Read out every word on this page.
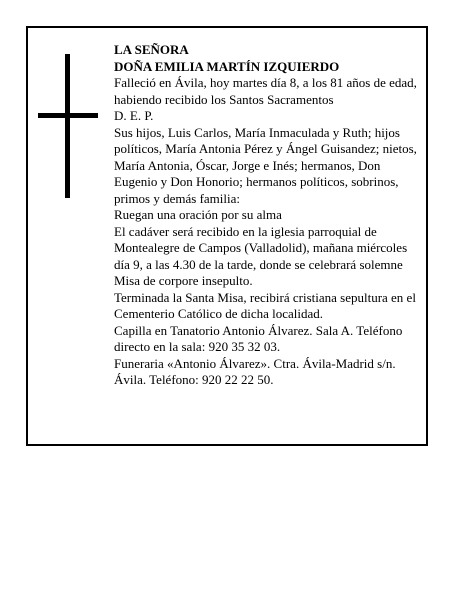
LA SEÑORA

DOÑA EMILIA MARTÍN IZQUIERDO

Falleció en Ávila, hoy martes día 8, a los 81 años de edad, habiendo recibido los Santos Sacramentos

D. E. P.

Sus hijos, Luis Carlos, María Inmaculada y Ruth; hijos políticos, María Antonia Pérez y Ángel Guisandez; nietos, María Antonia, Óscar, Jorge e Inés; hermanos, Don Eugenio y Don Honorio; hermanos políticos, sobrinos, primos y demás familia:

Ruegan una oración por su alma

El cadáver será recibido en la iglesia parroquial de Montealegre de Campos (Valladolid), mañana miércoles día 9, a las 4.30 de la tarde, donde se celebrará solemne Misa de corpore insepulto.

Terminada la Santa Misa, recibirá cristiana sepultura en el Cementerio Católico de dicha localidad.

Capilla en Tanatorio Antonio Álvarez. Sala A. Teléfono directo en la sala: 920 35 32 03.

Funeraria «Antonio Álvarez». Ctra. Ávila-Madrid s/n. Ávila. Teléfono: 920 22 22 50.
